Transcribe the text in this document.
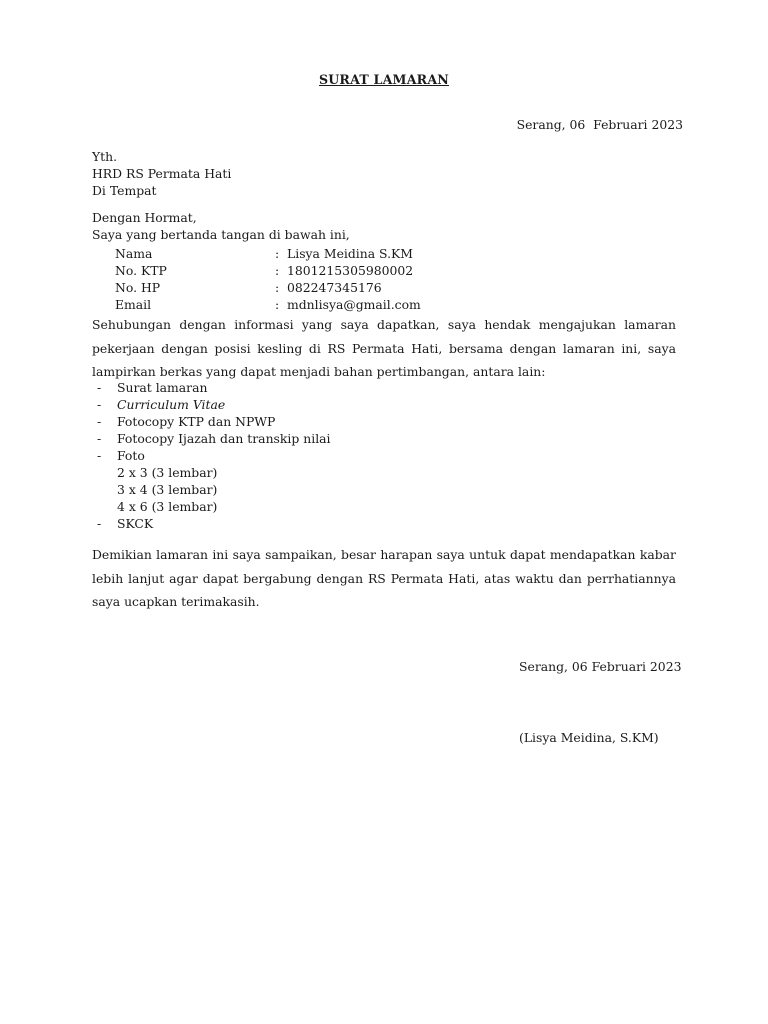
SURAT LAMARAN
Serang, 06  Februari 2023
Yth.
HRD RS Permata Hati
Di Tempat
Dengan Hormat,
Saya yang bertanda tangan di bawah ini,
Nama	: Lisya Meidina S.KM
No. KTP	: 1801215305980002
No. HP	: 082247345176
Email	: mdnlisya@gmail.com
Sehubungan dengan informasi yang saya dapatkan, saya hendak mengajukan lamaran pekerjaan dengan posisi kesling di RS Permata Hati, bersama dengan lamaran ini, saya lampirkan berkas yang dapat menjadi bahan pertimbangan, antara lain:
- Surat lamaran
- Curriculum Vitae
- Fotocopy KTP dan NPWP
- Fotocopy Ijazah dan transkip nilai
- Foto
2 x 3 (3 lembar)
3 x 4 (3 lembar)
4 x 6 (3 lembar)
- SKCK
Demikian lamaran ini saya sampaikan, besar harapan saya untuk dapat mendapatkan kabar lebih lanjut agar dapat bergabung dengan RS Permata Hati, atas waktu dan perrhatiannya saya ucapkan terimakasih.
Serang, 06 Februari 2023
(Lisya Meidina, S.KM)
